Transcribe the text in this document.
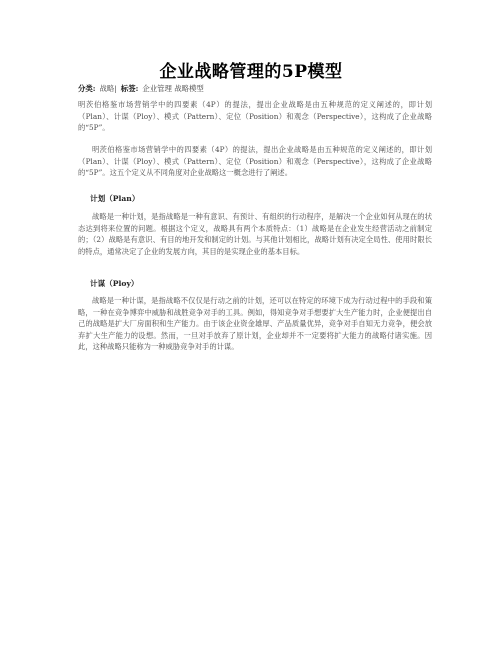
企业战略管理的5P模型
分类: 战略| 标签: 企业管理 战略模型

明茨伯格鉴市场营销学中的四要素（4P）的提法，提出企业战略是由五种规范的定义阐述的，即计划（Plan）、计谋（Ploy）、模式（Pattern）、定位（Position）和观念（Perspective），这构成了企业战略的“5P”。

明茨伯格鉴市场营销学中的四要素（4P）的提法，提出企业战略是由五种规范的定义阐述的，即计划（Plan）、计谋（Ploy）、模式（Pattern）、定位（Position）和观念（Perspective），这构成了企业战略的“5P”。这五个定义从不同角度对企业战略这一概念进行了阐述。

计划（Plan）

战略是一种计划，是指战略是一种有意识、有预计、有组织的行动程序，是解决一个企业如何从现在的状态达到将来位置的问题。根据这个定义，战略具有两个本质特点：（1）战略是在企业发生经营活动之前制定的；（2）战略是有意识、有目的地开发和制定的计划。与其他计划相比，战略计划有决定全局性、使用时限长的特点，通常决定了企业的发展方向，其目的是实现企业的基本目标。

计谋（Ploy）

战略是一种计谋，是指战略不仅仅是行动之前的计划，还可以在特定的环境下成为行动过程中的手段和策略，一种在竞争博弈中威胁和战胜竞争对手的工具。例如，得知竞争对手想要扩大生产能力时，企业便提出自己的战略是扩大厂房面积和生产能力。由于该企业资金雄厚、产品质量优异，竞争对手自知无力竞争，便会放弃扩大生产能力的设想。然而，一旦对手放弃了原计划，企业却并不一定要将扩大能力的战略付诸实施。因此，这种战略只能称为一种威胁竞争对手的计谋。
